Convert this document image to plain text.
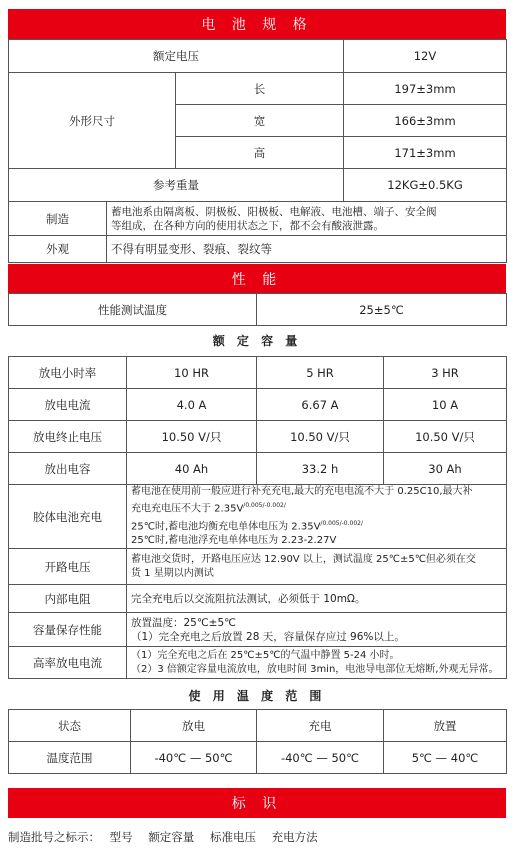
电 池 规 格
额定电压		12V
外形尺寸	长	197±3mm
	宽	166±3mm
	高	171±3mm
参考重量		12KG±0.5KG
制造	蓄电池系由隔离板、阴极板、阳极板、电解液、电池槽、端子、安全阀
等组成，在各种方向的使用状态之下，都不会有酸液泄露。

外观	不得有明显变形、裂痕、裂纹等
性 能
性能测试温度	25±5℃
额 定 容 量
放电小时率	10 HR	5 HR	3 HR
放电电流	4.0 A	6.67 A	10 A
放电终止电压	10.50 V/只	10.50 V/只	10.50 V/只
放出电容	40 Ah	33.2 h	30 Ah
胶体电池充电	蓄电池在使用前一般应进行补充充电,最大的充电电流不大于 0.25C10,最大补
充电充电压不大于 $2.35V^{/0.005/-0.002/}$
25℃时,蓄电池均衡充电单体电压为 $2.35V^{/0.005/-0.002/}$
25℃时,蓄电池浮充电单体电压为 2.23-2.27V

开路电压	蓄电池交货时，开路电压应达 12.90V 以上，测试温度 25℃±5℃但必须在交
货 1 星期以内测试

内部电阻	完全充电后以交流阻抗法测试，必须低于 10mΩ。
容量保存性能	放置温度：25℃±5℃
（1）完全充电之后放置 28 天，容量保存应过 96%以上。

高率放电电流	（1）完全充电之后在 25℃±5℃的气温中静置 5-24 小时。
（2）3 倍额定容量电流放电，放电时间 3min，电池导电部位无熔断,外观无异常。
使 用 温 度 范 围
状态	放电	充电	放置
温度范围	-40℃ — 50℃	-40℃ — 50℃	5℃ — 40℃
标 识
制造批号之标示： 型号 额定容量 标准电压 充电方法
